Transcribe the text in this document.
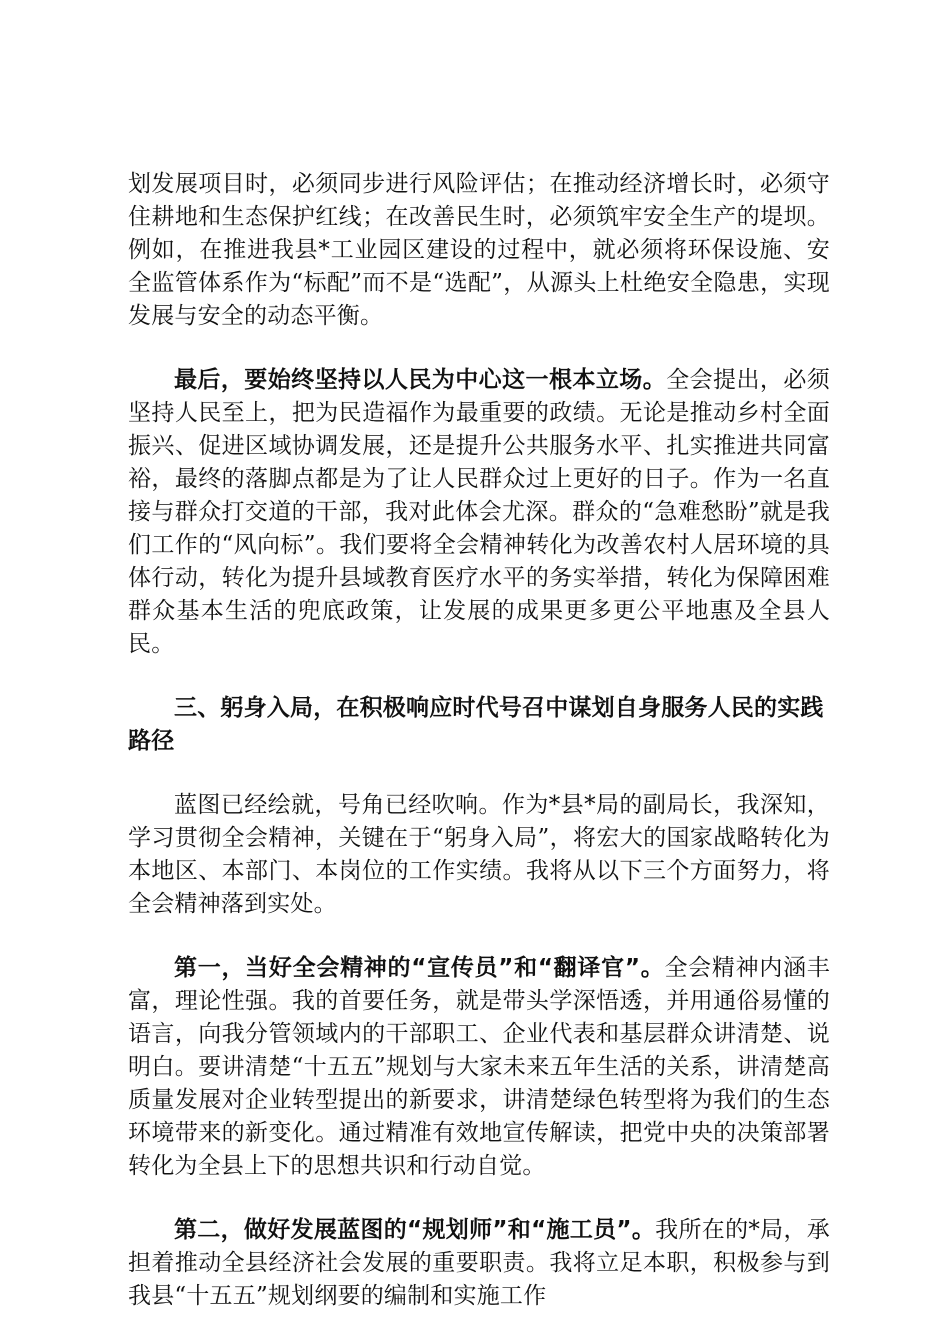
划发展项目时，必须同步进行风险评估；在推动经济增长时，必须守住耕地和生态保护红线；在改善民生时，必须筑牢安全生产的堤坝。例如，在推进我县*工业园区建设的过程中，就必须将环保设施、安全监管体系作为“标配”而不是“选配”，从源头上杜绝安全隐患，实现发展与安全的动态平衡。

最后，要始终坚持以人民为中心这一根本立场。全会提出，必须坚持人民至上，把为民造福作为最重要的政绩。无论是推动乡村全面振兴、促进区域协调发展，还是提升公共服务水平、扎实推进共同富裕，最终的落脚点都是为了让人民群众过上更好的日子。作为一名直接与群众打交道的干部，我对此体会尤深。群众的“急难愁盼”就是我们工作的“风向标”。我们要将全会精神转化为改善农村人居环境的具体行动，转化为提升县域教育医疗水平的务实举措，转化为保障困难群众基本生活的兜底政策，让发展的成果更多更公平地惠及全县人民。

三、躬身入局，在积极响应时代号召中谋划自身服务人民的实践路径

蓝图已经绘就，号角已经吹响。作为*县*局的副局长，我深知，学习贯彻全会精神，关键在于“躬身入局”，将宏大的国家战略转化为本地区、本部门、本岗位的工作实绩。我将从以下三个方面努力，将全会精神落到实处。

第一，当好全会精神的“宣传员”和“翻译官”。全会精神内涵丰富，理论性强。我的首要任务，就是带头学深悟透，并用通俗易懂的语言，向我分管领域内的干部职工、企业代表和基层群众讲清楚、说明白。要讲清楚“十五五”规划与大家未来五年生活的关系，讲清楚高质量发展对企业转型提出的新要求，讲清楚绿色转型将为我们的生态环境带来的新变化。通过精准有效地宣传解读，把党中央的决策部署转化为全县上下的思想共识和行动自觉。

第二，做好发展蓝图的“规划师”和“施工员”。我所在的*局，承担着推动全县经济社会发展的重要职责。我将立足本职，积极参与到我县“十五五”规划纲要的编制和实施工作
